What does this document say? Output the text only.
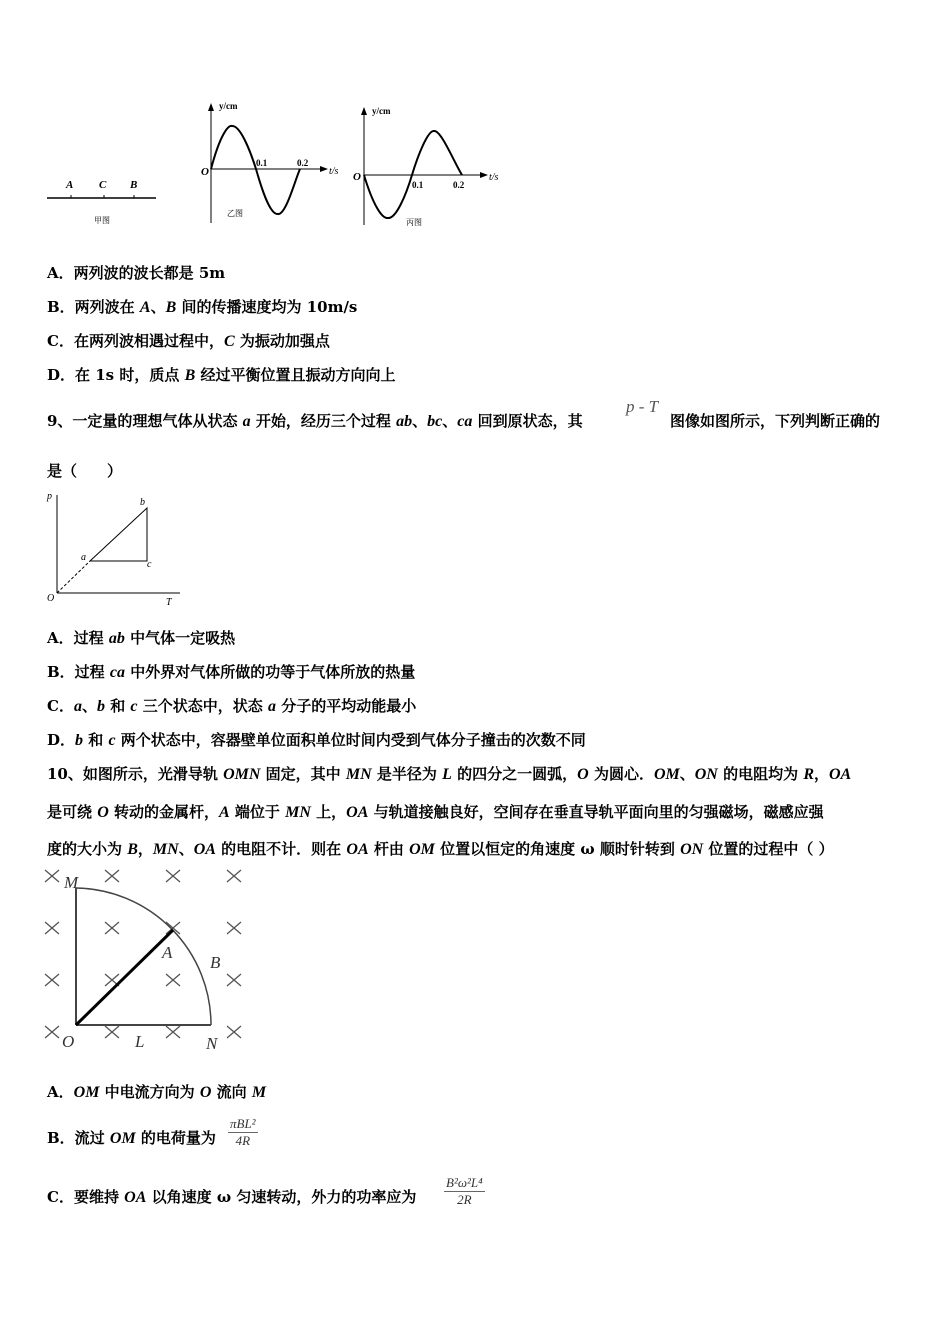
A C B
甲图
y/cm
O
0.1	0.2
t/s
乙图
y/cm
O
0.1	0.2
t/s
丙图
A．两列波的波长都是 5m
B．两列波在 A、B 间的传播速度均为 10m/s
C．在两列波相遇过程中，C 为振动加强点
D．在 1s 时，质点 B 经过平衡位置且振动方向向上
9、一定量的理想气体从状态 a 开始，经历三个过程 ab、bc、ca 回到原状态，其
是（　　）
A．过程 ab 中气体一定吸热
B．过程 ca 中外界对气体所做的功等于气体所放的热量
C．a、b 和 c 三个状态中，状态 a 分子的平均动能最小
D．b 和 c 两个状态中，容器壁单位面积单位时间内受到气体分子撞击的次数不同
10、如图所示，光滑导轨 OMN 固定，其中 MN 是半径为 L 的四分之一圆弧，O 为圆心．OM、ON 的电阻均为 R，OA
是可绕 O 转动的金属杆，A 端位于 MN 上，OA 与轨道接触良好，空间存在垂直导轨平面向里的匀强磁场，磁感应强
度的大小为 B，MN、OA 的电阻不计．则在 OA 杆由 OM 位置以恒定的角速度 ω 顺时针转到 ON 位置的过程中（ ）
A．OM 中电流方向为 O 流向 M
B．流过 OM 的电荷量为
C．要维持 OA 以角速度 ω 匀速转动，外力的功率应为
p - T
图像如图所示，下列判断正确的
p
O	T
a
b
c
M
A
B
O	L	N
πBL²
4R
$\frac{\text{B²ω²L⁴}}{2R}$
